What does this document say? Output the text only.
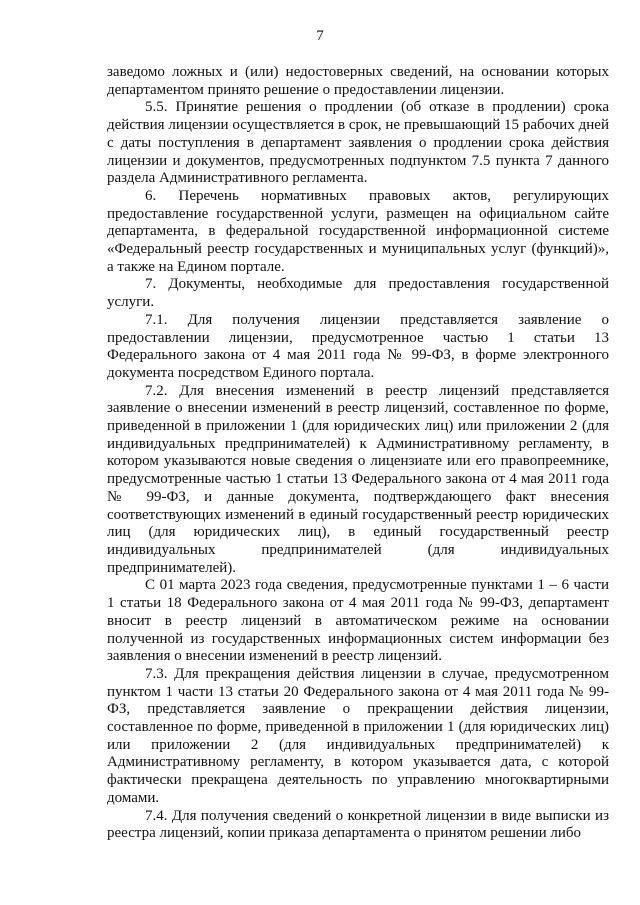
7

заведомо ложных и (или) недостоверных сведений, на основании которых департаментом принято решение о предоставлении лицензии.

5.5. Принятие решения о продлении (об отказе в продлении) срока действия лицензии осуществляется в срок, не превышающий 15 рабочих дней с даты поступления в департамент заявления о продлении срока действия лицензии и документов, предусмотренных подпунктом 7.5 пункта 7 данного раздела Административного регламента.

6. Перечень нормативных правовых актов, регулирующих предоставление государственной услуги, размещен на официальном сайте департамента, в федеральной государственной информационной системе «Федеральный реестр государственных и муниципальных услуг (функций)», а также на Едином портале.

7. Документы, необходимые для предоставления государственной услуги.

7.1. Для получения лицензии представляется заявление о предоставлении лицензии, предусмотренное частью 1 статьи 13 Федерального закона от 4 мая 2011 года № 99-ФЗ, в форме электронного документа посредством Единого портала.

7.2. Для внесения изменений в реестр лицензий представляется заявление о внесении изменений в реестр лицензий, составленное по форме, приведенной в приложении 1 (для юридических лиц) или приложении 2 (для индивидуальных предпринимателей) к Административному регламенту, в котором указываются новые сведения о лицензиате или его правопреемнике, предусмотренные частью 1 статьи 13 Федерального закона от 4 мая 2011 года № 99-ФЗ, и данные документа, подтверждающего факт внесения соответствующих изменений в единый государственный реестр юридических лиц (для юридических лиц), в единый государственный реестр индивидуальных предпринимателей (для индивидуальных предпринимателей).

С 01 марта 2023 года сведения, предусмотренные пунктами 1 – 6 части 1 статьи 18 Федерального закона от 4 мая 2011 года № 99-ФЗ, департамент вносит в реестр лицензий в автоматическом режиме на основании полученной из государственных информационных систем информации без заявления о внесении изменений в реестр лицензий.

7.3. Для прекращения действия лицензии в случае, предусмотренном пунктом 1 части 13 статьи 20 Федерального закона от 4 мая 2011 года № 99-ФЗ, представляется заявление о прекращении действия лицензии, составленное по форме, приведенной в приложении 1 (для юридических лиц) или приложении 2 (для индивидуальных предпринимателей) к Административному регламенту, в котором указывается дата, с которой фактически прекращена деятельность по управлению многоквартирными домами.

7.4. Для получения сведений о конкретной лицензии в виде выписки из реестра лицензий, копии приказа департамента о принятом решении либо
